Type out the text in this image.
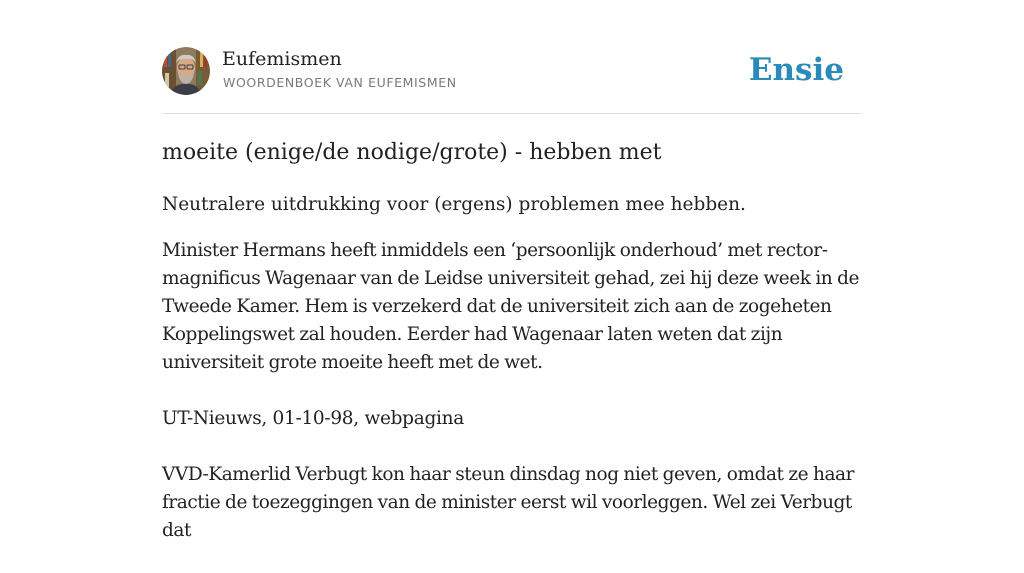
Eufemismen
WOORDENBOEK VAN EUFEMISMEN	Ensie
moeite (enige/de nodige/grote) - hebben met

Neutralere uitdrukking voor (ergens) problemen mee hebben.

Minister Hermans heeft inmiddels een ‘persoonlijk onderhoud’ met rector-magnificus Wagenaar van de Leidse universiteit gehad, zei hij deze week in de Tweede Kamer. Hem is verzekerd dat de universiteit zich aan de zogeheten Koppelingswet zal houden. Eerder had Wagenaar laten weten dat zijn universiteit grote moeite heeft met de wet.

UT-Nieuws, 01-10-98, webpagina

VVD-Kamerlid Verbugt kon haar steun dinsdag nog niet geven, omdat ze haar fractie de toezeggingen van de minister eerst wil voorleggen. Wel zei Verbugt dat
